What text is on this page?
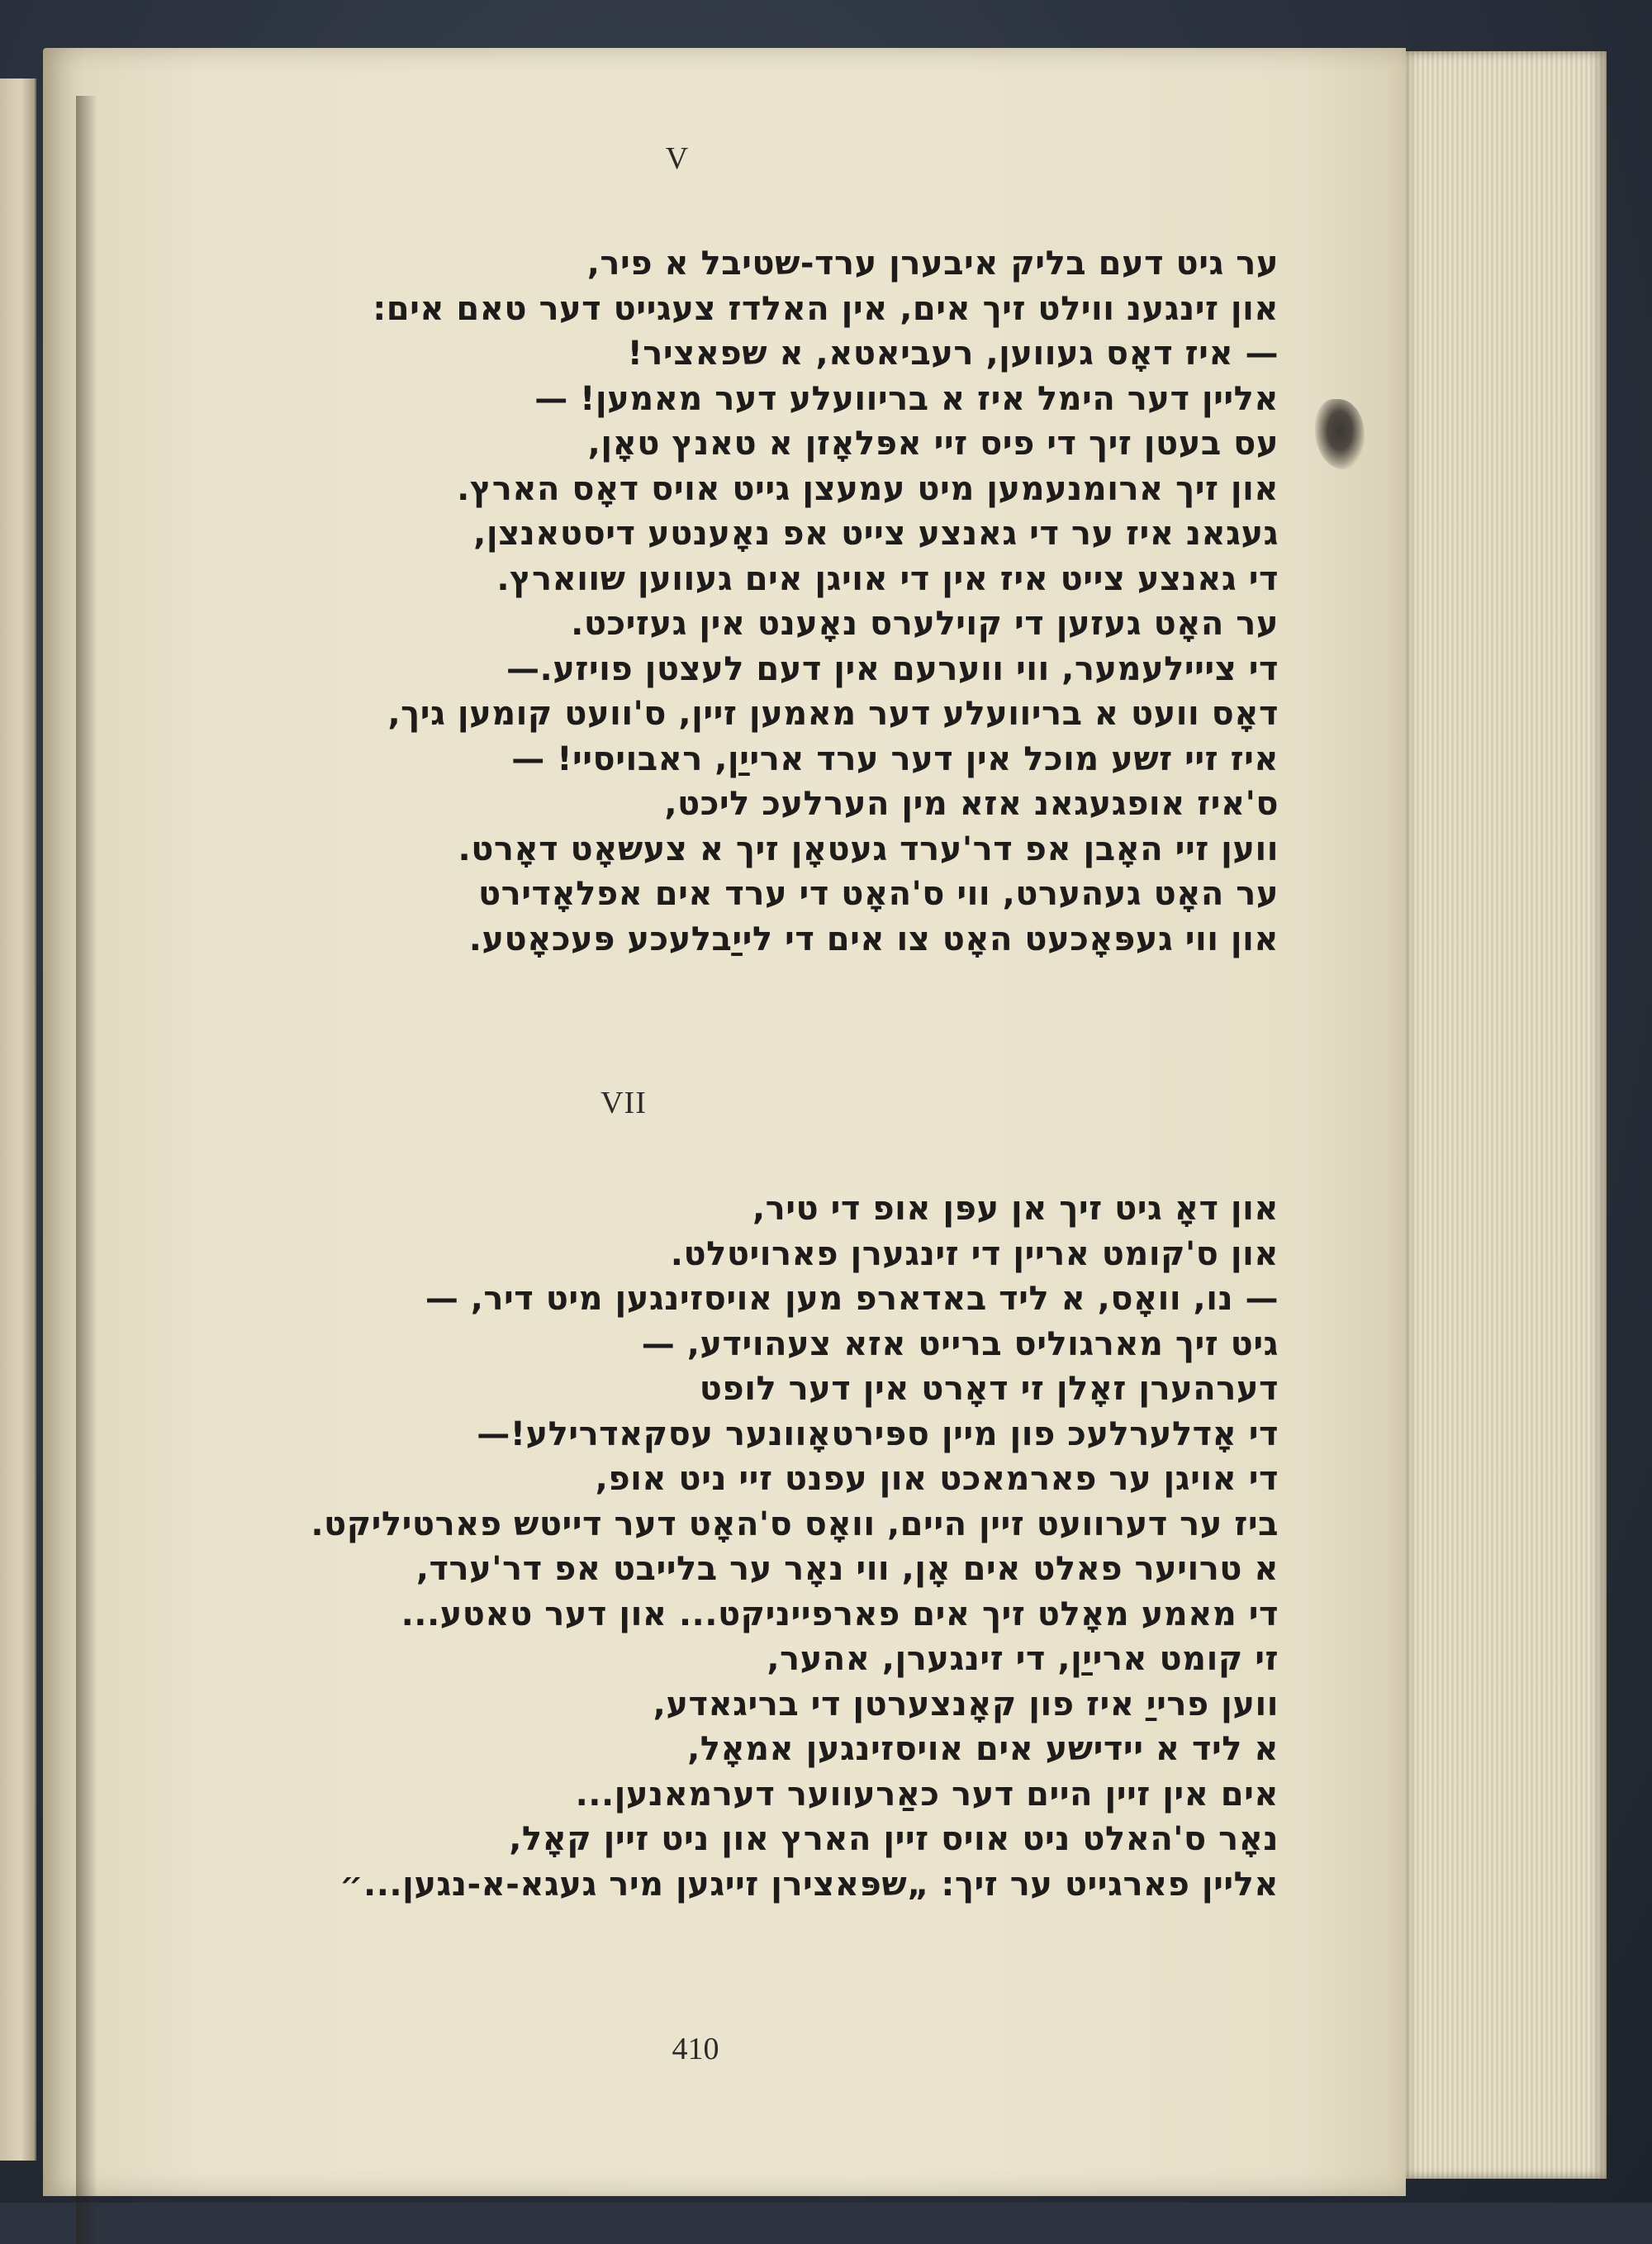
V
ער גיט דעם בליק איבערן ערד-שטיבל א פיר,
און זינגענ ווילט זיך אים, אין האלדז צעגייט דער טאם אים:
— איז דאָס געווען, רעביאטא, א שפאציר!
אליין דער הימל איז א בריוועלע דער מאמען! —
עס בעטן זיך די פיס זיי אפּלאָזן א טאנץ טאָן,
און זיך ארומנעמען מיט עמעצן גייט אויס דאָס הארץ.
געגאנ איז ער די גאנצע צייט אפ נאָענטע דיסטאנצן,
די גאנצע צייט איז אין די אויגן אים געווען שווארץ.
ער האָט געזען די קוילערס נאָענט אין געזיכט.
די צייילעמער, ווי ווערעם אין דעם לעצטן פויזע.—
דאָס וועט א בריוועלע דער מאמען זיין, ס'וועט קומען גיך,
איז זיי זשע מוכל אין דער ערד ארייַן, ראבויסיי! —
ס'איז אופגעגאנ אזא מין הערלעכ ליכט,
ווען זיי האָבן אפ דר'ערד געטאָן זיך א צעשאָט דאָרט.
ער האָט געהערט, ווי ס'האָט די ערד אים אפלאָדירט
און ווי געפּאָכעט האָט צו אים די לייַבלעכע פּעכאָטע.
VII
און דאָ גיט זיך אן עפּן אופ די טיר,
און ס'קומט אריין די זינגערן פארויטלט.
— נו, וואָס, א ליד באדארפ מען אויסזינגען מיט דיר, —
גיט זיך מארגוליס ברייט אזא צעהוידע, —
דערהערן זאָלן זי דאָרט אין דער לופט
די אָדלערלעכ פון מיין ספּירטאָוונער עסקאדרילע!—
די אויגן ער פארמאכט און עפנט זיי ניט אופ,
ביז ער דערוועט זיין היים, וואָס ס'האָט דער דייטש פארטיליקט.
א טרויער פאלט אים אָן, ווי נאָר ער בלייבט אפ דר'ערד,
די מאמע מאָלט זיך אים פארפייניקט... און דער טאטע...
זי קומט ארייַן, די זינגערן, אהער,
ווען פרייַ איז פון קאָנצערטן די בריגאדע,
א ליד א יידישע אים אויסזינגען אמאָל,
אים אין זיין היים דער כאַרעווער דערמאנען...
נאָר ס'האלט ניט אויס זיין הארץ און ניט זיין קאָל,
אליין פארגייט ער זיך: „שפּאצירן זייגען מיר געגא-א-נגען...״
410
